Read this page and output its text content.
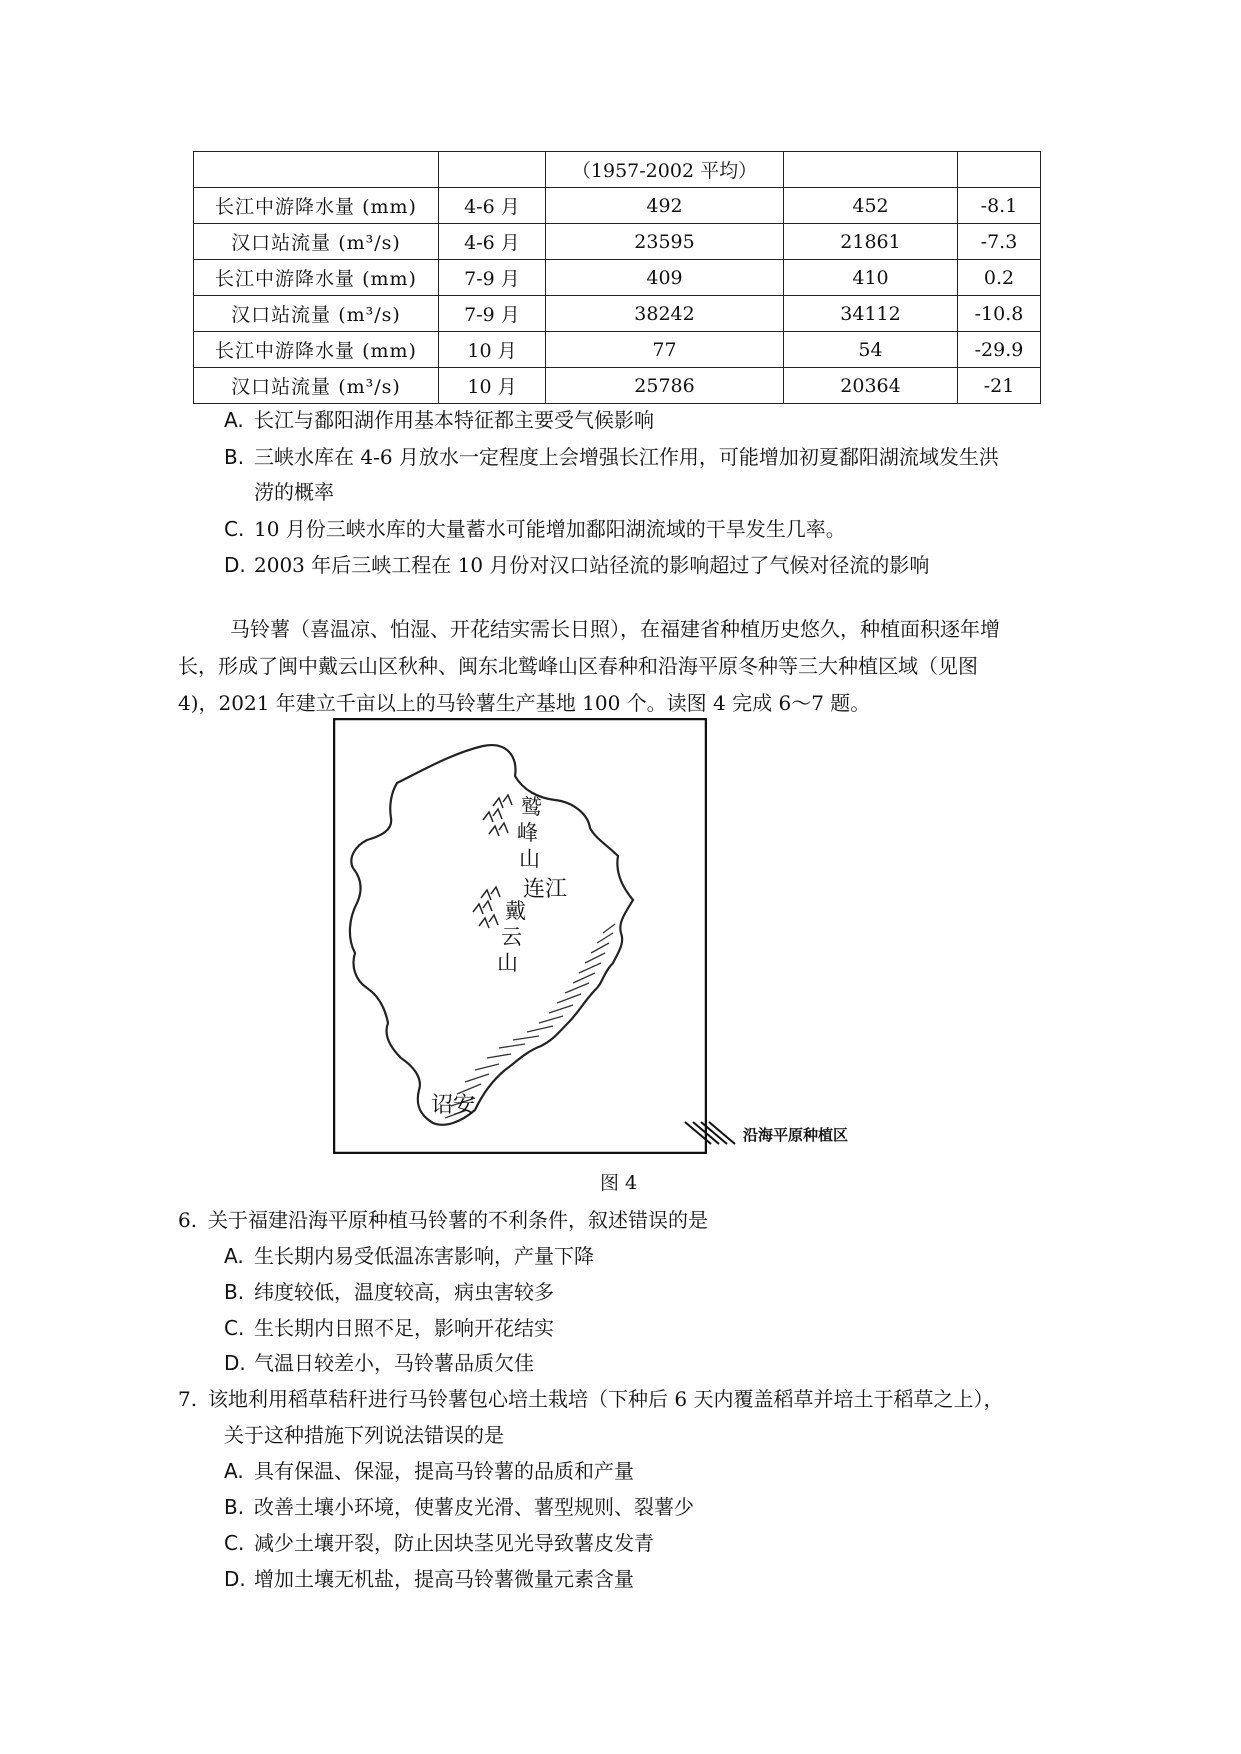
		（1957-2002 平均）		
长江中游降水量 (mm)	4-6 月	492	452	-8.1
汉口站流量 (m³/s)	4-6 月	23595	21861	-7.3
长江中游降水量 (mm)	7-9 月	409	410	0.2
汉口站流量 (m³/s)	7-9 月	38242	34112	-10.8
长江中游降水量 (mm)	10 月	77	54	-29.9
汉口站流量 (m³/s)	10 月	25786	20364	-21
A. 长江与鄱阳湖作用基本特征都主要受气候影响
B. 三峡水库在 4-6 月放水一定程度上会增强长江作用，可能增加初夏鄱阳湖流域发生洪
涝的概率
C. 10 月份三峡水库的大量蓄水可能增加鄱阳湖流域的干旱发生几率。
D. 2003 年后三峡工程在 10 月份对汉口站径流的影响超过了气候对径流的影响
马铃薯（喜温凉、怕湿、开花结实需长日照），在福建省种植历史悠久，种植面积逐年增
长，形成了闽中戴云山区秋种、闽东北鹫峰山区春种和沿海平原冬种等三大种植区域（见图
4)，2021 年建立千亩以上的马铃薯生产基地 100 个。读图 4 完成 6～7 题。
鹫
峰
山
连江
戴
云
山
诏安
沿海平原种植区
图 4
6. 关于福建沿海平原种植马铃薯的不利条件，叙述错误的是
A. 生长期内易受低温冻害影响，产量下降
B. 纬度较低，温度较高，病虫害较多
C. 生长期内日照不足，影响开花结实
D. 气温日较差小，马铃薯品质欠佳
7. 该地利用稻草秸秆进行马铃薯包心培土栽培（下种后 6 天内覆盖稻草并培土于稻草之上），
关于这种措施下列说法错误的是
A. 具有保温、保湿，提高马铃薯的品质和产量
B. 改善土壤小环境，使薯皮光滑、薯型规则、裂薯少
C. 减少土壤开裂，防止因块茎见光导致薯皮发青
D. 增加土壤无机盐，提高马铃薯微量元素含量
